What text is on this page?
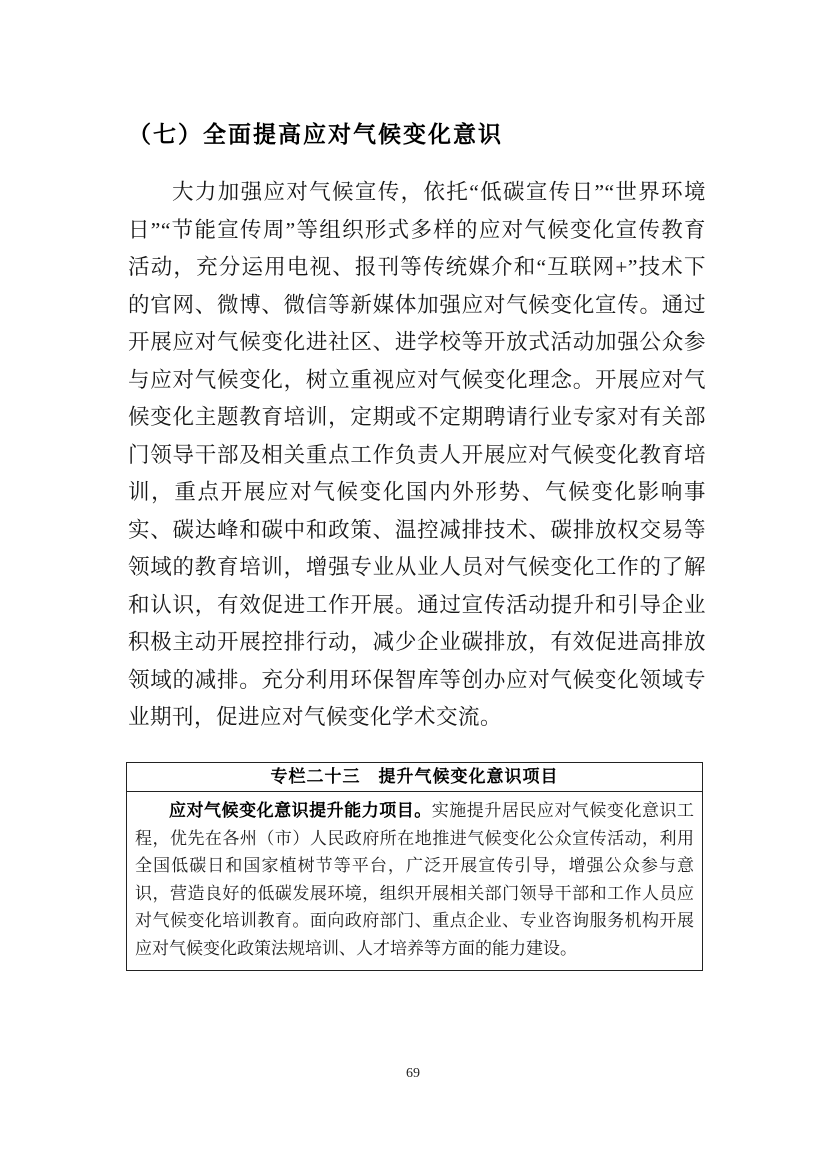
（七）全面提高应对气候变化意识

大力加强应对气候宣传，依托“低碳宣传日”“世界环境日”“节能宣传周”等组织形式多样的应对气候变化宣传教育活动，充分运用电视、报刊等传统媒介和“互联网+”技术下的官网、微博、微信等新媒体加强应对气候变化宣传。通过开展应对气候变化进社区、进学校等开放式活动加强公众参与应对气候变化，树立重视应对气候变化理念。开展应对气候变化主题教育培训，定期或不定期聘请行业专家对有关部门领导干部及相关重点工作负责人开展应对气候变化教育培训，重点开展应对气候变化国内外形势、气候变化影响事实、碳达峰和碳中和政策、温控减排技术、碳排放权交易等领域的教育培训，增强专业从业人员对气候变化工作的了解和认识，有效促进工作开展。通过宣传活动提升和引导企业积极主动开展控排行动，减少企业碳排放，有效促进高排放领域的减排。充分利用环保智库等创办应对气候变化领域专业期刊，促进应对气候变化学术交流。

专栏二十三　提升气候变化意识项目
应对气候变化意识提升能力项目。实施提升居民应对气候变化意识工程，优先在各州（市）人民政府所在地推进气候变化公众宣传活动，利用全国低碳日和国家植树节等平台，广泛开展宣传引导，增强公众参与意识，营造良好的低碳发展环境，组织开展相关部门领导干部和工作人员应对气候变化培训教育。面向政府部门、重点企业、专业咨询服务机构开展应对气候变化政策法规培训、人才培养等方面的能力建设。
69
